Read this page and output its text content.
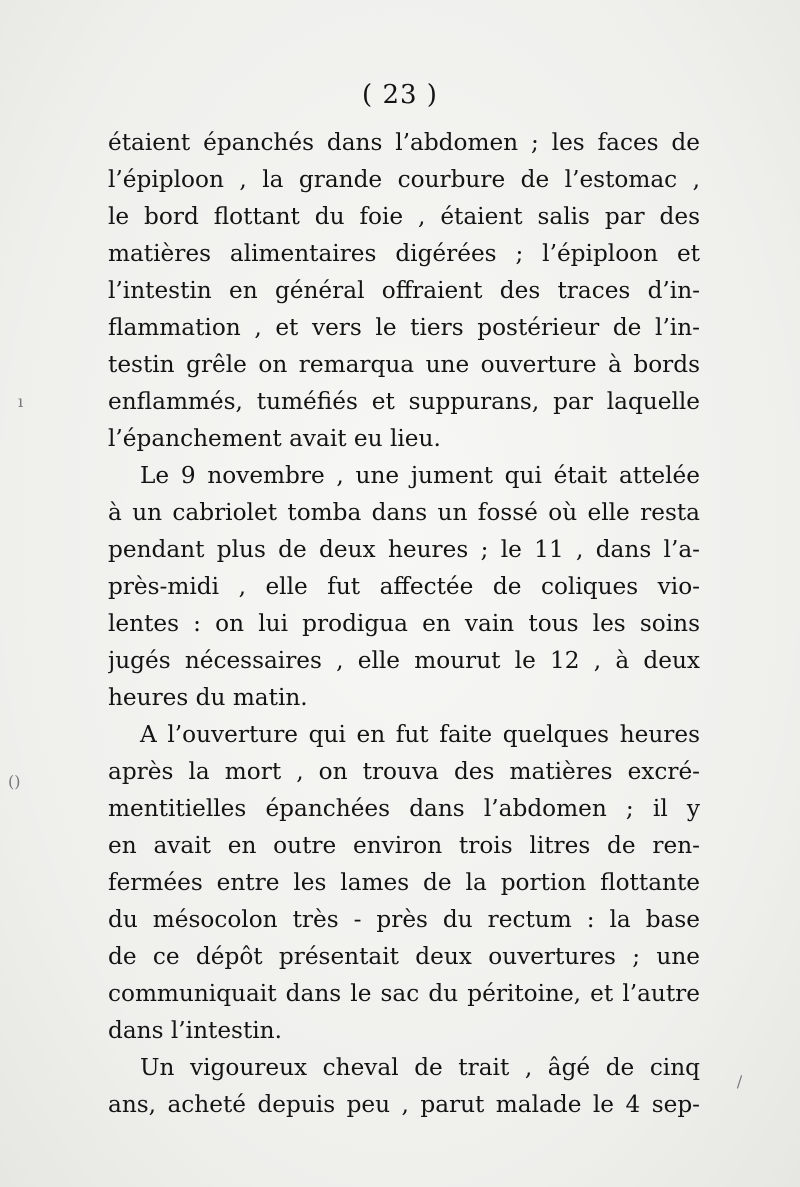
( 23 )
étaient épanchés dans l’abdomen ; les faces de
l’épiploon , la grande courbure de l’estomac ,
le bord flottant du foie , étaient salis par des
matières alimentaires digérées ; l’épiploon et
l’intestin en général offraient des traces d’in-
flammation , et vers le tiers postérieur de l’in-
testin grêle on remarqua une ouverture à bords
enflammés, tuméfiés et suppurans, par laquelle
l’épanchement avait eu lieu.
Le 9 novembre , une jument qui était attelée
à un cabriolet tomba dans un fossé où elle resta
pendant plus de deux heures ; le 11 , dans l’a-
près-midi , elle fut affectée de coliques vio-
lentes : on lui prodigua en vain tous les soins
jugés nécessaires , elle mourut le 12 , à deux
heures du matin.
A l’ouverture qui en fut faite quelques heures
après la mort , on trouva des matières excré-
mentitielles épanchées dans l’abdomen ; il y
en avait en outre environ trois litres de ren-
fermées entre les lames de la portion flottante
du mésocolon très - près du rectum : la base
de ce dépôt présentait deux ouvertures ; une
communiquait dans le sac du péritoine, et l’autre
dans l’intestin.
Un vigoureux cheval de trait , âgé de cinq
ans, acheté depuis peu , parut malade le 4 sep-
ı
()
\
